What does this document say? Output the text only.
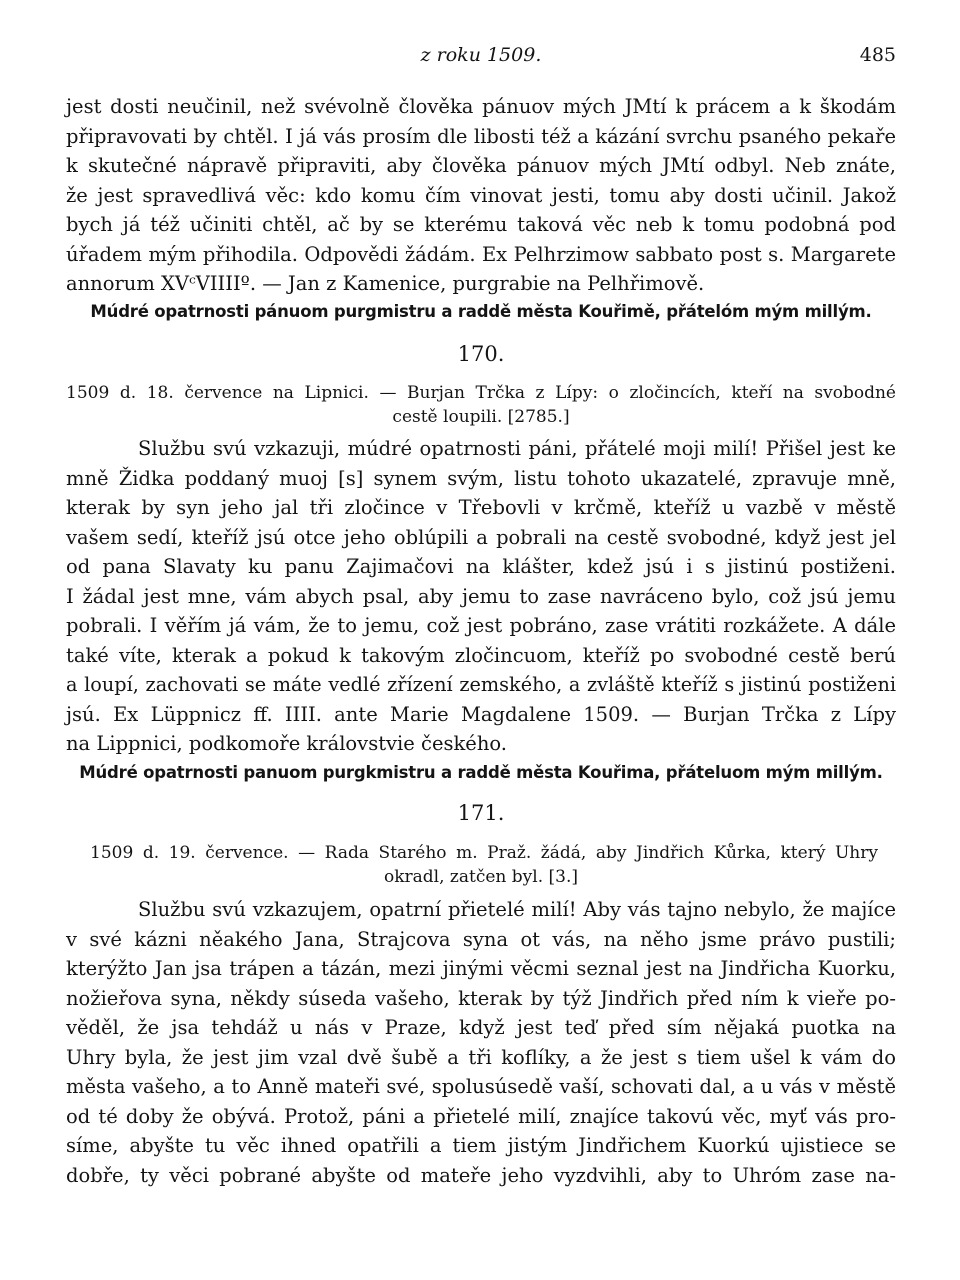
z roku 1509.	485
jest dosti neučinil, než svévolně člověka pánuov mých JMtí k prácem a k škodám
připravovati by chtěl. I já vás prosím dle libosti též a kázání svrchu psaného pekaře
k skutečné nápravě připraviti, aby člověka pánuov mých JMtí odbyl. Neb znáte,
že jest spravedlivá věc: kdo komu čím vinovat jesti, tomu aby dosti učinil. Jakož
bych já též učiniti chtěl, ač by se kterému taková věc neb k tomu podobná pod
úřadem mým přihodila. Odpovědi žádám. Ex Pelhrzimow sabbato post s. Margarete
annorum XVᶜVIIIIº. — Jan z Kamenice, purgrabie na Pelhřimově.
Múdré opatrnosti pánuom purgmistru a raddě města Kouřimě, přátelóm mým millým.
170.
1509 d. 18. července na Lipnici. — Burjan Trčka z Lípy: o zločincích, kteří na svobodné
cestě loupili. [2785.]
Službu svú vzkazuji, múdré opatrnosti páni, přátelé moji milí! Přišel jest ke
mně Židka poddaný muoj [s] synem svým, listu tohoto ukazatelé, zpravuje mně,
kterak by syn jeho jal tři zločince v Třebovli v krčmě, kteříž u vazbě v městě
vašem sedí, kteříž jsú otce jeho oblúpili a pobrali na cestě svobodné, když jest jel
od pana Slavaty ku panu Zajimačovi na klášter, kdež jsú i s jistinú postiženi.
I žádal jest mne, vám abych psal, aby jemu to zase navráceno bylo, což jsú jemu
pobrali. I věřím já vám, že to jemu, což jest pobráno, zase vrátiti rozkážete. A dále
také víte, kterak a pokud k takovým zločincuom, kteříž po svobodné cestě berú
a loupí, zachovati se máte vedlé zřízení zemského, a zvláště kteříž s jistinú postiženi
jsú. Ex Lüppnicz ff. IIII. ante Marie Magdalene 1509. — Burjan Trčka z Lípy
na Lippnici, podkomoře královstvie českého.
Múdré opatrnosti panuom purgkmistru a raddě města Kouřima, přáteluom mým millým.
171.
1509 d. 19. července. — Rada Starého m. Praž. žádá, aby Jindřich Kůrka, který Uhry
okradl, zatčen byl. [3.]
Službu svú vzkazujem, opatrní přietelé milí! Aby vás tajno nebylo, že majíce
v své kázni něakého Jana, Strajcova syna ot vás, na něho jsme právo pustili;
kterýžto Jan jsa trápen a tázán, mezi jinými věcmi seznal jest na Jindřicha Kuorku,
nožieřova syna, někdy súseda vašeho, kterak by týž Jindřich před ním k vieře po-
věděl, že jsa tehdáž u nás v Praze, když jest teď před sím nějaká puotka na
Uhry byla, že jest jim vzal dvě šubě a tři koflíky, a že jest s tiem ušel k vám do
města vašeho, a to Anně mateři své, spolusúsedě vaší, schovati dal, a u vás v městě
od té doby že obývá. Protož, páni a přietelé milí, znajíce takovú věc, myť vás pro-
síme, abyšte tu věc ihned opatřili a tiem jistým Jindřichem Kuorkú ujistiece se
dobře, ty věci pobrané abyšte od mateře jeho vyzdvihli, aby to Uhróm zase na-
